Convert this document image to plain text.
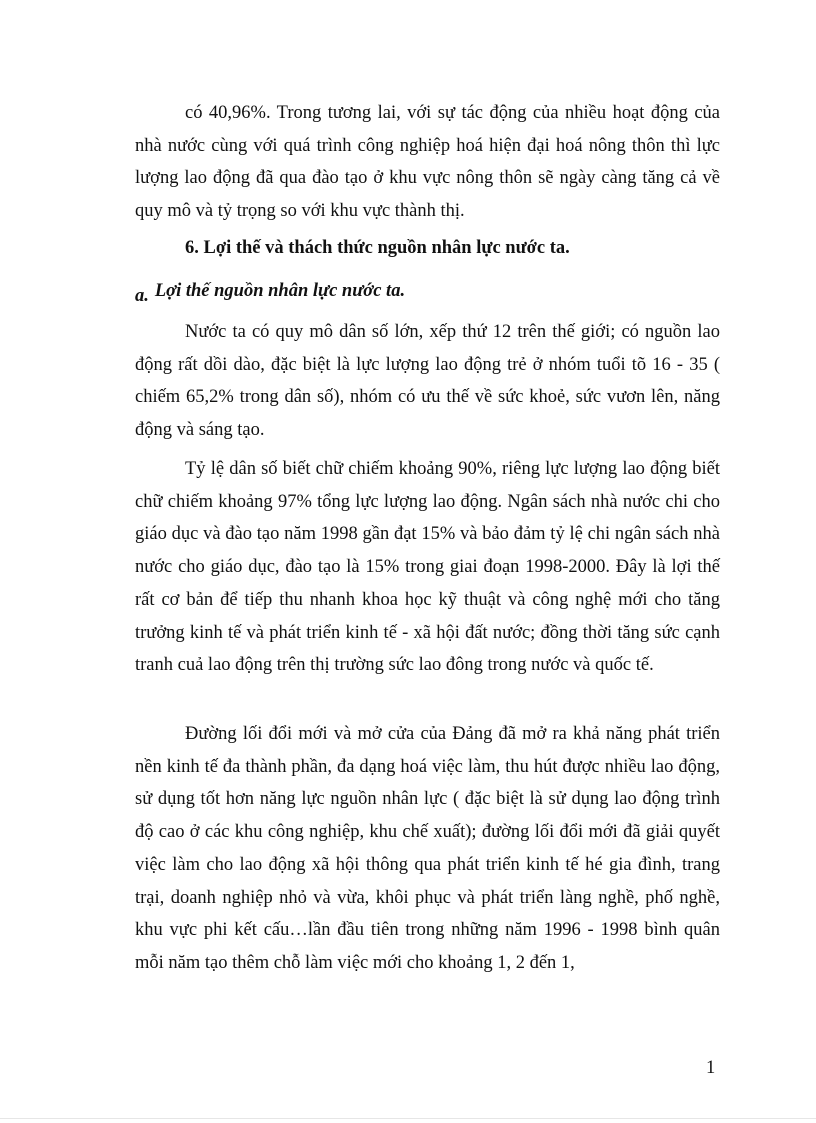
có 40,96%. Trong tương lai, với sự tác động của nhiều hoạt động của nhà nước cùng với quá trình công nghiệp hoá hiện đại hoá nông thôn thì lực lượng lao động đã qua đào tạo ở khu vực nông thôn sẽ ngày càng tăng cả về quy mô và tỷ trọng so với khu vực thành thị.

6. Lợi thế và thách thức nguồn nhân lực nước ta.

a. Lợi thế nguồn nhân lực nước ta.

Nước ta có quy mô dân số lớn, xếp thứ 12 trên thế giới; có nguồn lao động rất dồi dào, đặc biệt là lực lượng lao động trẻ ở nhóm tuổi tõ 16 - 35 ( chiếm 65,2% trong dân số), nhóm có ưu thế về sức khoẻ, sức vươn lên, năng động và sáng tạo.

Tỷ lệ dân số biết chữ chiếm khoảng 90%, riêng lực lượng lao động biết chữ chiếm khoảng 97% tổng lực lượng lao động. Ngân sách nhà nước chi cho giáo dục và đào tạo năm 1998 gần đạt 15% và bảo đảm tỷ lệ chi ngân sách nhà nước cho giáo dục, đào tạo là 15% trong giai đoạn 1998-2000. Đây là lợi thế rất cơ bản để tiếp thu nhanh khoa học kỹ thuật và công nghệ mới cho tăng trưởng kinh tế và phát triển kinh tế - xã hội đất nước; đồng thời tăng sức cạnh tranh cuả lao động trên thị trường sức lao đông trong nước và quốc tế.

Đường lối đổi mới và mở cửa của Đảng đã mở ra khả năng phát triển nền kinh tế đa thành phần, đa dạng hoá việc làm, thu hút được nhiều lao động, sử dụng tốt hơn năng lực nguồn nhân lực ( đặc biệt là sử dụng lao động trình độ cao ở các khu công nghiệp, khu chế xuất); đường lối đổi mới đã giải quyết việc làm cho lao động xã hội thông qua phát triển kinh tế hé gia đình, trang trại, doanh nghiệp nhỏ và vừa, khôi phục và phát triển làng nghề, phố nghề, khu vực phi kết cấu…lần đầu tiên trong những năm 1996 - 1998 bình quân mỗi năm tạo thêm chỗ làm việc mới cho khoảng 1, 2 đến 1,

1
